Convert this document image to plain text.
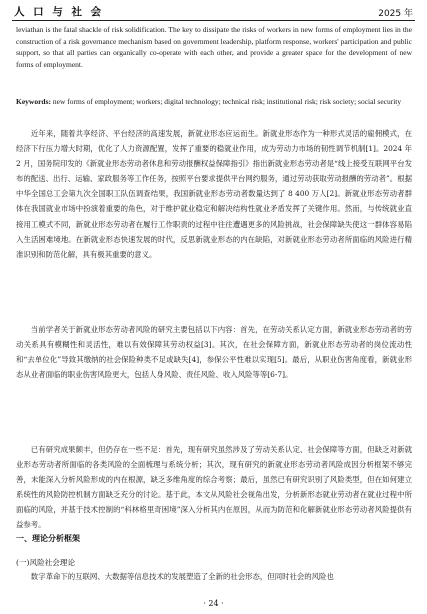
人 口 与 社 会	2025 年
leviathan is the fatal shackle of risk solidification. The key to dissipate the risks of workers in new forms of employment lies in the construction of a risk governance mechanism based on government leadership, platform response, workers' participation and public support, so that all parties can organically co-operate with each other, and provide a greater space for the development of new forms of employment.
Keywords: new forms of employment; workers; digital technology; technical risk; institutional risk; risk society; social security

近年来，随着共享经济、平台经济的高速发展，新就业形态应运而生。新就业形态作为一种形式灵活的雇佣模式，在经济下行压力增大时期，优化了人力资源配置，发挥了重要的稳就业作用，成为劳动力市场的韧性调节机制[1]。2024 年 2 月，国务院印发的《新就业形态劳动者休息和劳动报酬权益保障指引》指出新就业形态劳动者是“线上接受互联网平台发布的配送、出行、运输、家政服务等工作任务，按照平台要求提供平台网约服务，通过劳动获取劳动报酬的劳动者”。根据中华全国总工会第九次全国职工队伍调查结果，我国新就业形态劳动者数量达到了 8 400 万人[2]。新就业形态劳动者群体在我国就业市场中扮演着重要的角色，对于维护就业稳定和解决结构性就业矛盾发挥了关键作用。然而，与传统就业直接用工模式不同，新就业形态劳动者在履行工作职责的过程中往往遭遇更多的风险挑战，社会保障缺失使这一群体容易陷入生活困难境地。在新就业形态快速发展的时代，反思新就业形态的内在缺陷，对新就业形态劳动者所面临的风险进行精准识别和防范化解，具有极其重要的意义。

当前学者关于新就业形态劳动者风险的研究主要包括以下内容：首先，在劳动关系认定方面，新就业形态劳动者的劳动关系具有模糊性和灵活性，难以有效保障其劳动权益[3]。其次，在社会保障方面，新就业形态劳动者的岗位流动性和“去单位化”导致其缴纳的社会保险种类不足或缺失[4]，参保公平性难以实现[5]。最后，从职业伤害角度看，新就业形态从业者面临的职业伤害风险更大，包括人身风险、责任风险、收入风险等等[6-7]。

已有研究成果颇丰，但仍存在一些不足：首先，现有研究虽然涉及了劳动关系认定、社会保障等方面，但缺乏对新就业形态劳动者所面临的各类风险的全面梳理与系统分析；其次，现有研究的新就业形态劳动者风险成因分析框架不够完善，未能深入分析风险形成的内在根源，缺乏多维角度的综合考察；最后，虽然已有研究识别了风险类型，但在如何建立系统性的风险防控机制方面缺乏充分的讨论。基于此，本文从风险社会视角出发，分析新形态就业劳动者在就业过程中所面临的风险，并基于技术控制的“科林格里奇困境”深入分析其内在原因，从而为防范和化解新就业形态劳动者风险提供有益参考。

一、理论分析框架
(一)风险社会理论

数字革命下的互联网、大数据等信息技术的发展塑造了全新的社会形态，但同时社会的风险也

· 24 ·
